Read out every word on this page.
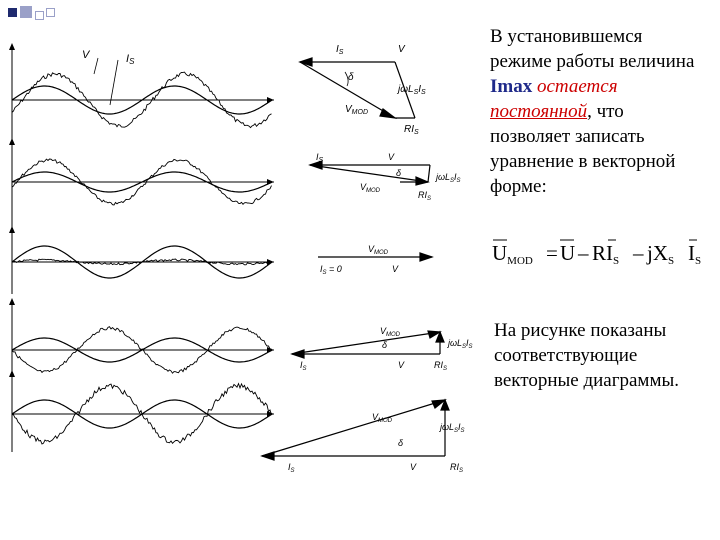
V	IS
$I_S$	V
δ
$j\omega L_SI_S$
$V_{MOD}$
$RI_S$
$I_S$	V
$j\omega L_SI_S$
δ
$V_{MOD}$	$RI_S$
$V_{MOD}$
$I_S = 0$	V
$V_{MOD}$
$j\omega L_SI_S$
δ
$I_S$	V	$RI_S$
$V_{MOD}$
$j\omega L_SI_S$
δ
$I_S$	V	$RI_S$
В установившемся режиме работы величина Imax остается постоянной, что позволяет записать уравнение в векторной форме:
UMOD = U – RIS – jXS IS
На рисунке показаны соответствующие векторные диаграммы.
